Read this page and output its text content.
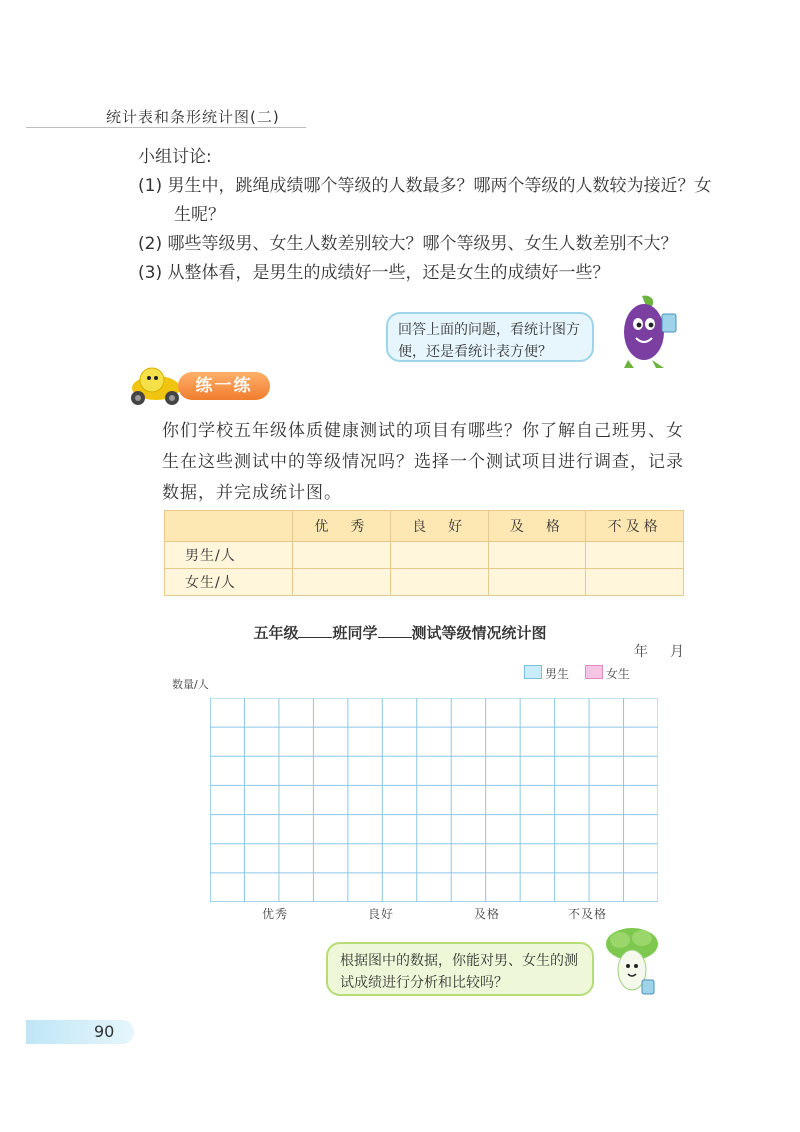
统计表和条形统计图(二)
小组讨论:
(1) 男生中，跳绳成绩哪个等级的人数最多？哪两个等级的人数较为接近？女生呢？
(2) 哪些等级男、女生人数差别较大？哪个等级男、女生人数差别不大？
(3) 从整体看，是男生的成绩好一些，还是女生的成绩好一些？
回答上面的问题，看统计图方便，还是看统计表方便？
练一练
你们学校五年级体质健康测试的项目有哪些？你了解自己班男、女生在这些测试中的等级情况吗？选择一个测试项目进行调查，记录数据，并完成统计图。
	优　秀	良　好	及　格	不及格
男生/人				
女生/人				
五年级 班同学 测试等级情况统计图
年　月
男生	女生
数量/人
优秀	良好	及格	不及格
根据图中的数据，你能对男、女生的测试成绩进行分析和比较吗？
90
